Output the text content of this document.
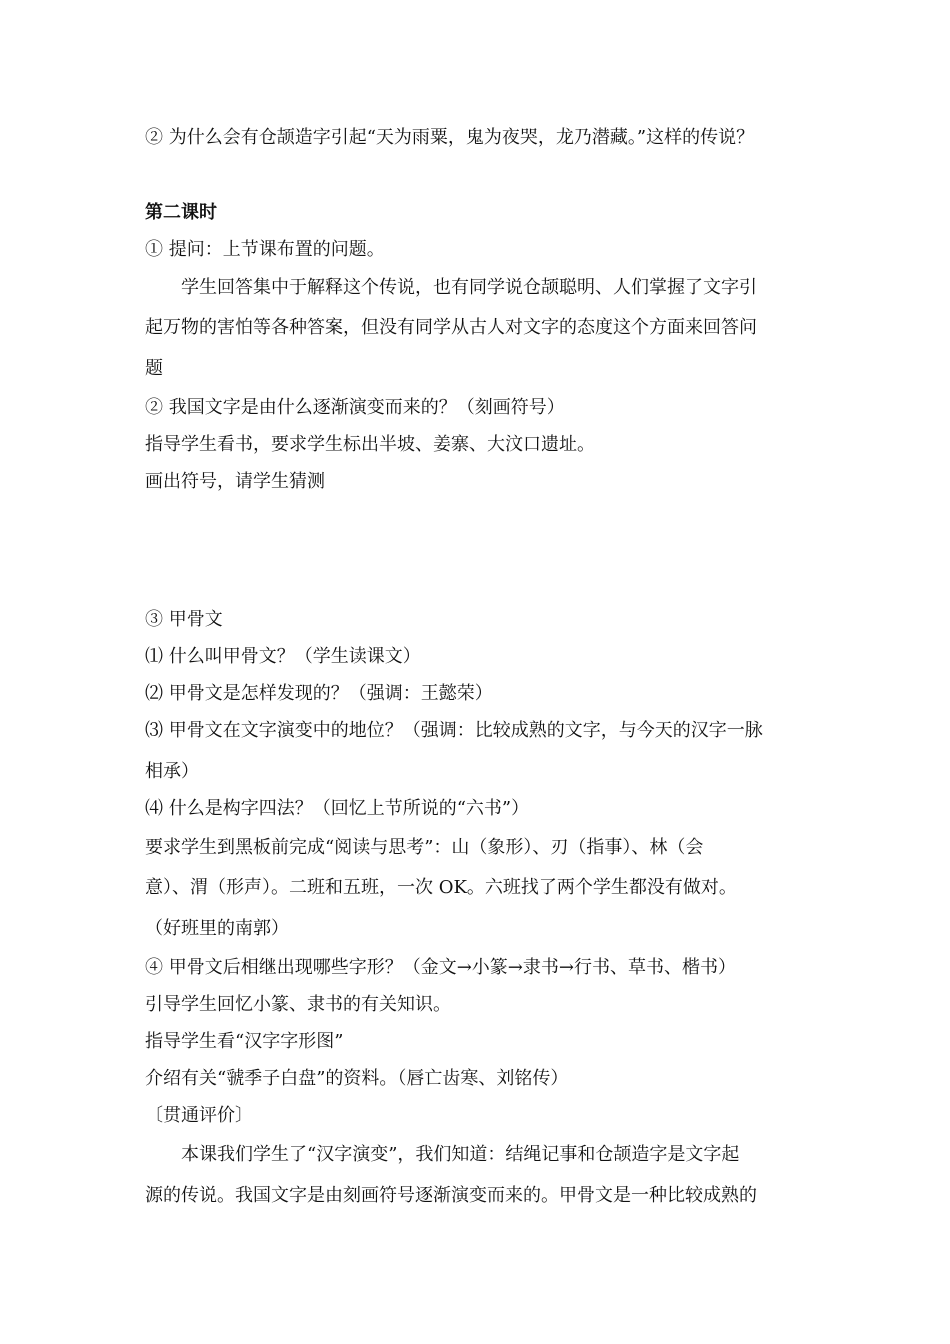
② 为什么会有仓颉造字引起“天为雨粟，鬼为夜哭，龙乃潜藏。”这样的传说？
第二课时
① 提问：上节课布置的问题。
学生回答集中于解释这个传说，也有同学说仓颉聪明、人们掌握了文字引
起万物的害怕等各种答案，但没有同学从古人对文字的态度这个方面来回答问
题
② 我国文字是由什么逐渐演变而来的？（刻画符号）
指导学生看书，要求学生标出半坡、姜寨、大汶口遗址。
画出符号，请学生猜测
③ 甲骨文
⑴ 什么叫甲骨文？（学生读课文）
⑵ 甲骨文是怎样发现的？（强调：王懿荣）
⑶ 甲骨文在文字演变中的地位？（强调：比较成熟的文字，与今天的汉字一脉
相承）
⑷ 什么是构字四法？（回忆上节所说的“六书”）
要求学生到黑板前完成“阅读与思考”：山（象形）、刃（指事）、林（会
意）、渭（形声）。二班和五班，一次 OK。六班找了两个学生都没有做对。
（好班里的南郭）
④ 甲骨文后相继出现哪些字形？（金文→小篆→隶书→行书、草书、楷书）
引导学生回忆小篆、隶书的有关知识。
指导学生看“汉字字形图”
介绍有关“虢季子白盘”的资料。（唇亡齿寒、刘铭传）
〔贯通评价〕
本课我们学生了“汉字演变”，我们知道：结绳记事和仓颉造字是文字起
源的传说。我国文字是由刻画符号逐渐演变而来的。甲骨文是一种比较成熟的
